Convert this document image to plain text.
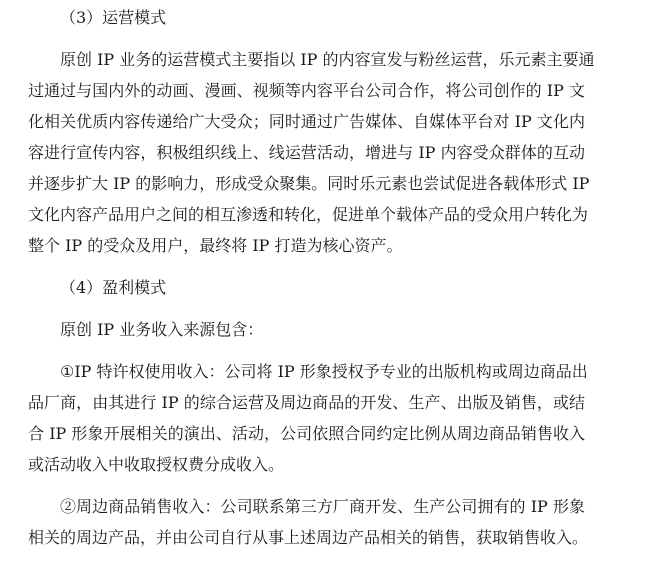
（3）运营模式
原创 IP 业务的运营模式主要指以 IP 的内容宣发与粉丝运营，乐元素主要通
过通过与国内外的动画、漫画、视频等内容平台公司合作，将公司创作的 IP 文
化相关优质内容传递给广大受众；同时通过广告媒体、自媒体平台对 IP 文化内
容进行宣传内容，积极组织线上、线运营活动，增进与 IP 内容受众群体的互动
并逐步扩大 IP 的影响力，形成受众聚集。同时乐元素也尝试促进各载体形式 IP
文化内容产品用户之间的相互渗透和转化，促进单个载体产品的受众用户转化为
整个 IP 的受众及用户，最终将 IP 打造为核心资产。
（4）盈利模式
原创 IP 业务收入来源包含：
①IP 特许权使用收入：公司将 IP 形象授权予专业的出版机构或周边商品出
品厂商，由其进行 IP 的综合运营及周边商品的开发、生产、出版及销售，或结
合 IP 形象开展相关的演出、活动，公司依照合同约定比例从周边商品销售收入
或活动收入中收取授权费分成收入。
②周边商品销售收入：公司联系第三方厂商开发、生产公司拥有的 IP 形象
相关的周边产品，并由公司自行从事上述周边产品相关的销售，获取销售收入。
